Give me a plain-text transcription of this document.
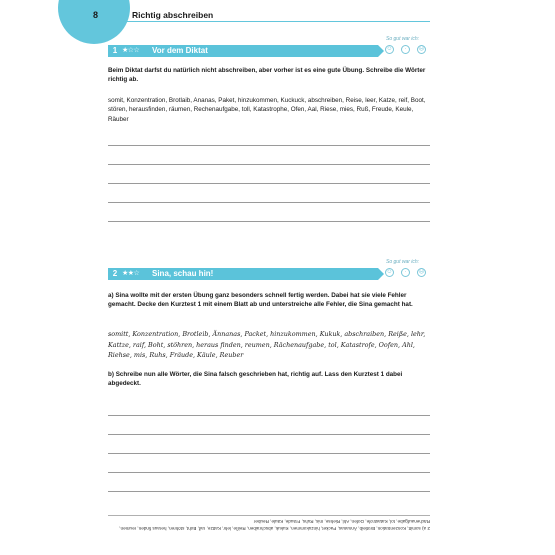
8	Richtig abschreiben
So gut war ich:
☺	·	☹
1 ★☆☆	Vor dem Diktat
Beim Diktat darfst du natürlich nicht abschreiben, aber vorher ist es eine gute Übung. Schreibe die Wörter richtig ab.
somit, Konzentration, Brotlaib, Ananas, Paket, hinzukommen, Kuckuck, abschreiben, Reise, leer, Katze, reif, Boot, stören, herausfinden, räumen, Rechenaufgabe, toll, Katastrophe, Ofen, Aal, Riese, mies, Ruß, Freude, Keule, Räuber
So gut war ich:
☺	·	☹
2 ★★☆	Sina, schau hin!
a) Sina wollte mit der ersten Übung ganz besonders schnell fertig werden. Dabei hat sie viele Fehler gemacht. Decke den Kurztest 1 mit einem Blatt ab und unterstreiche alle Fehler, die Sina gemacht hat.
somitt, Konzentration, Brotleib, Ännanas, Packet, hinzukommen, Kukuk, abschraiben, Reiße, lehr, Kattze, raif, Boht, stöhren, heraus finden, reumen, Rächenaufgabe, tol, Katastrofe, Oofen, Ahl, Riehse, mis, Ruhs, Fräude, Käule, Reuber
b) Schreibe nun alle Wörter, die Sina falsch geschrieben hat, richtig auf. Lass den Kurztest 1 dabei abgedeckt.
2 a) somitt, Konzentration, Brotleib, Ännanas, Packet, hinzukommen, Kukuk, abschraiben, Reiße, lehr, Kattze, raif, Boht, stöhren, heraus finden, reumen, Rächenaufgabe, tol, Katastrofe, Oofen, Ahl, Riehse, mis, Ruhs, Fräude, Käule, Reuber
